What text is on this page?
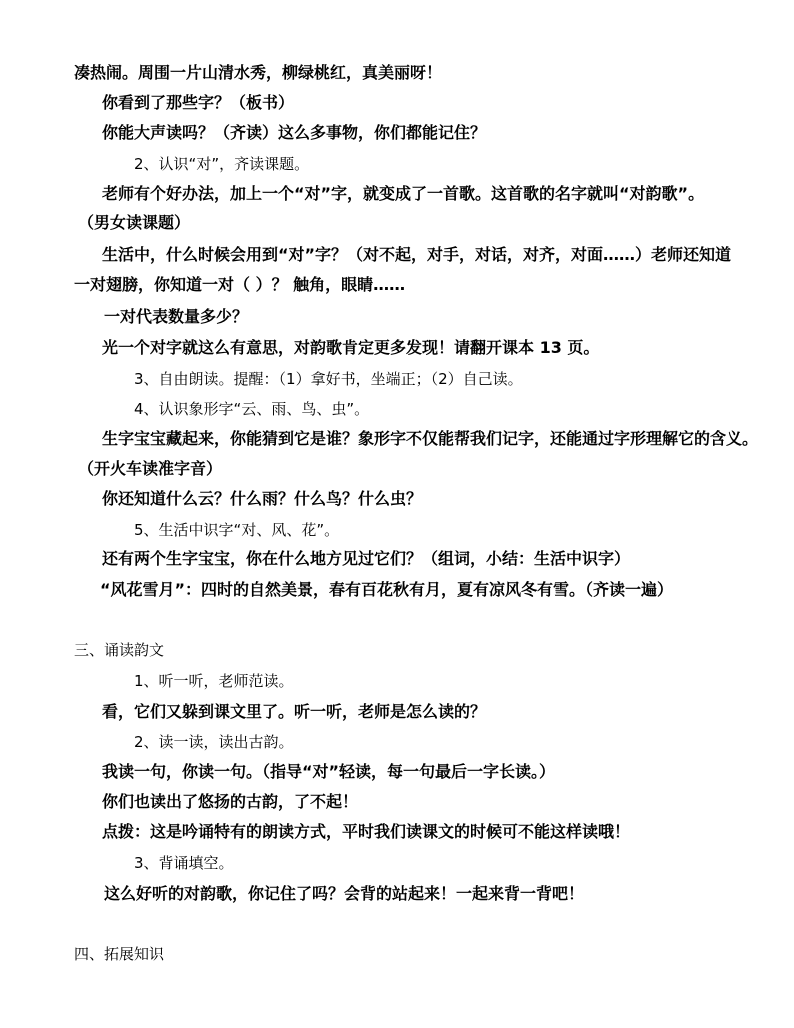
凑热闹。周围一片山清水秀，柳绿桃红，真美丽呀！
你看到了那些字？（板书）
你能大声读吗？（齐读）这么多事物，你们都能记住？
2、认识“对”，齐读课题。
老师有个好办法，加上一个“对”字，就变成了一首歌。这首歌的名字就叫“对韵歌”。
（男女读课题）
生活中，什么时候会用到“对”字？（对不起，对手，对话，对齐，对面……）老师还知道
一对翅膀，你知道一对（ ）？ 触角，眼睛……
一对代表数量多少？
光一个对字就这么有意思，对韵歌肯定更多发现！请翻开课本 13 页。
3、自由朗读。提醒：（1）拿好书，坐端正；（2）自己读。
4、认识象形字“云、雨、鸟、虫”。
生字宝宝藏起来，你能猜到它是谁？象形字不仅能帮我们记字，还能通过字形理解它的含义。
（开火车读准字音）
你还知道什么云？什么雨？什么鸟？什么虫？
5、生活中识字“对、风、花”。
还有两个生字宝宝，你在什么地方见过它们？（组词，小结：生活中识字）
“风花雪月”：四时的自然美景，春有百花秋有月，夏有凉风冬有雪。（齐读一遍）
三、诵读韵文
1、听一听，老师范读。
看，它们又躲到课文里了。听一听，老师是怎么读的？
2、读一读，读出古韵。
我读一句，你读一句。（指导“对”轻读，每一句最后一字长读。）
你们也读出了悠扬的古韵，了不起！
点拨：这是吟诵特有的朗读方式，平时我们读课文的时候可不能这样读哦！
3、背诵填空。
这么好听的对韵歌，你记住了吗？会背的站起来！一起来背一背吧！
四、拓展知识
